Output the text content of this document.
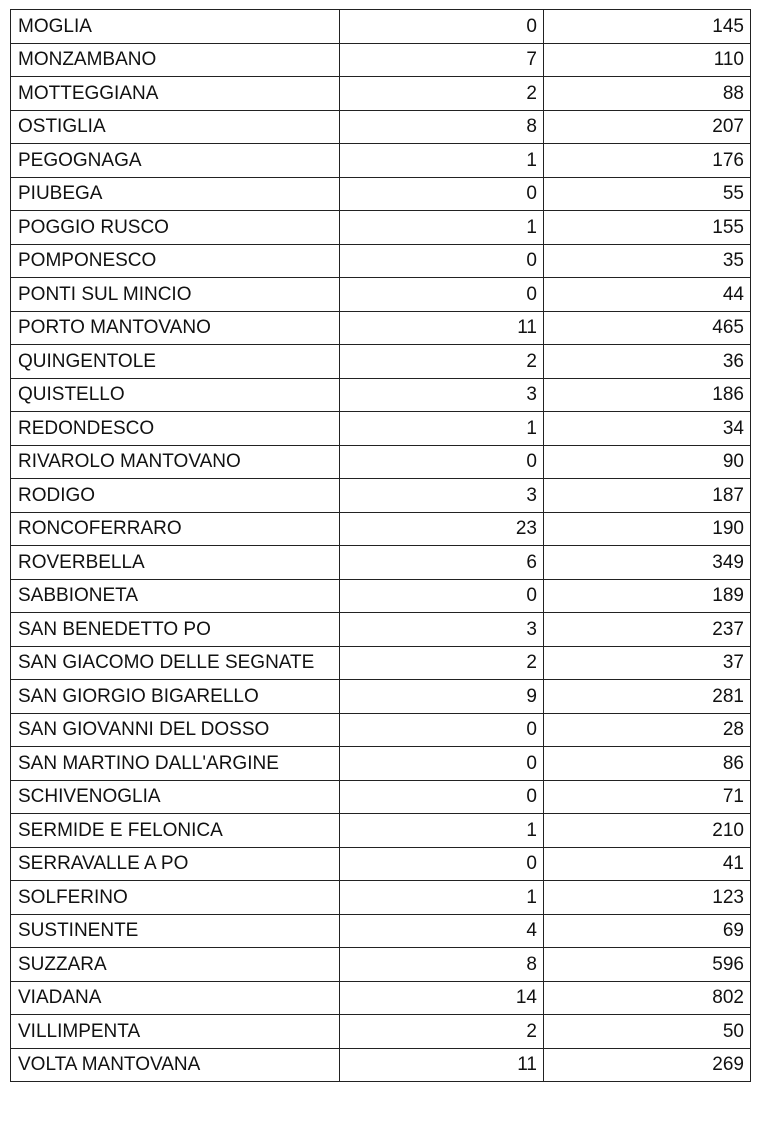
MOGLIA	0	145
MONZAMBANO	7	110
MOTTEGGIANA	2	88
OSTIGLIA	8	207
PEGOGNAGA	1	176
PIUBEGA	0	55
POGGIO RUSCO	1	155
POMPONESCO	0	35
PONTI SUL MINCIO	0	44
PORTO MANTOVANO	11	465
QUINGENTOLE	2	36
QUISTELLO	3	186
REDONDESCO	1	34
RIVAROLO MANTOVANO	0	90
RODIGO	3	187
RONCOFERRARO	23	190
ROVERBELLA	6	349
SABBIONETA	0	189
SAN BENEDETTO PO	3	237
SAN GIACOMO DELLE SEGNATE	2	37
SAN GIORGIO BIGARELLO	9	281
SAN GIOVANNI DEL DOSSO	0	28
SAN MARTINO DALL'ARGINE	0	86
SCHIVENOGLIA	0	71
SERMIDE E FELONICA	1	210
SERRAVALLE A PO	0	41
SOLFERINO	1	123
SUSTINENTE	4	69
SUZZARA	8	596
VIADANA	14	802
VILLIMPENTA	2	50
VOLTA MANTOVANA	11	269
